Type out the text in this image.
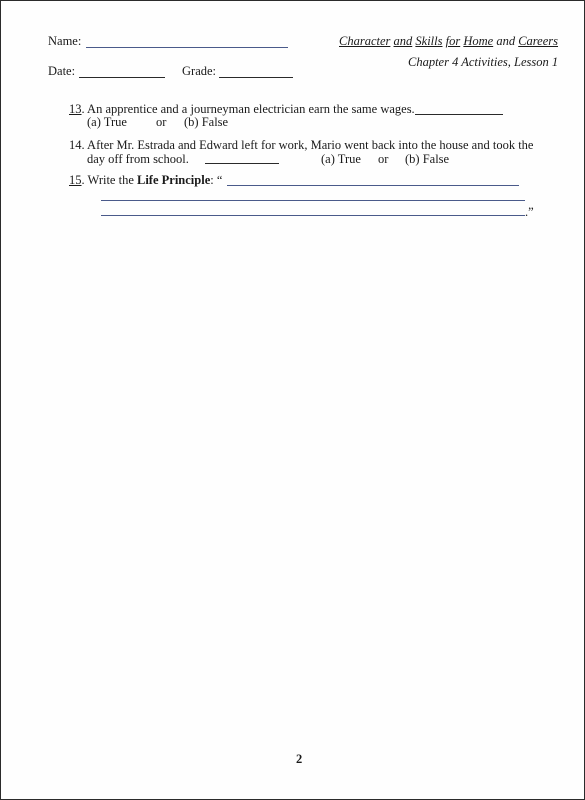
Name:
Date:	Grade:
Character and Skills for Home and Careers
Chapter 4 Activities, Lesson 1
13. An apprentice and a journeyman electrician earn the same wages.
(a) True or (b) False
14. After Mr. Estrada and Edward left for work, Mario went back into the house and took the
day off from school.	(a) True or (b) False
15. Write the Life Principle: “
.”
2
